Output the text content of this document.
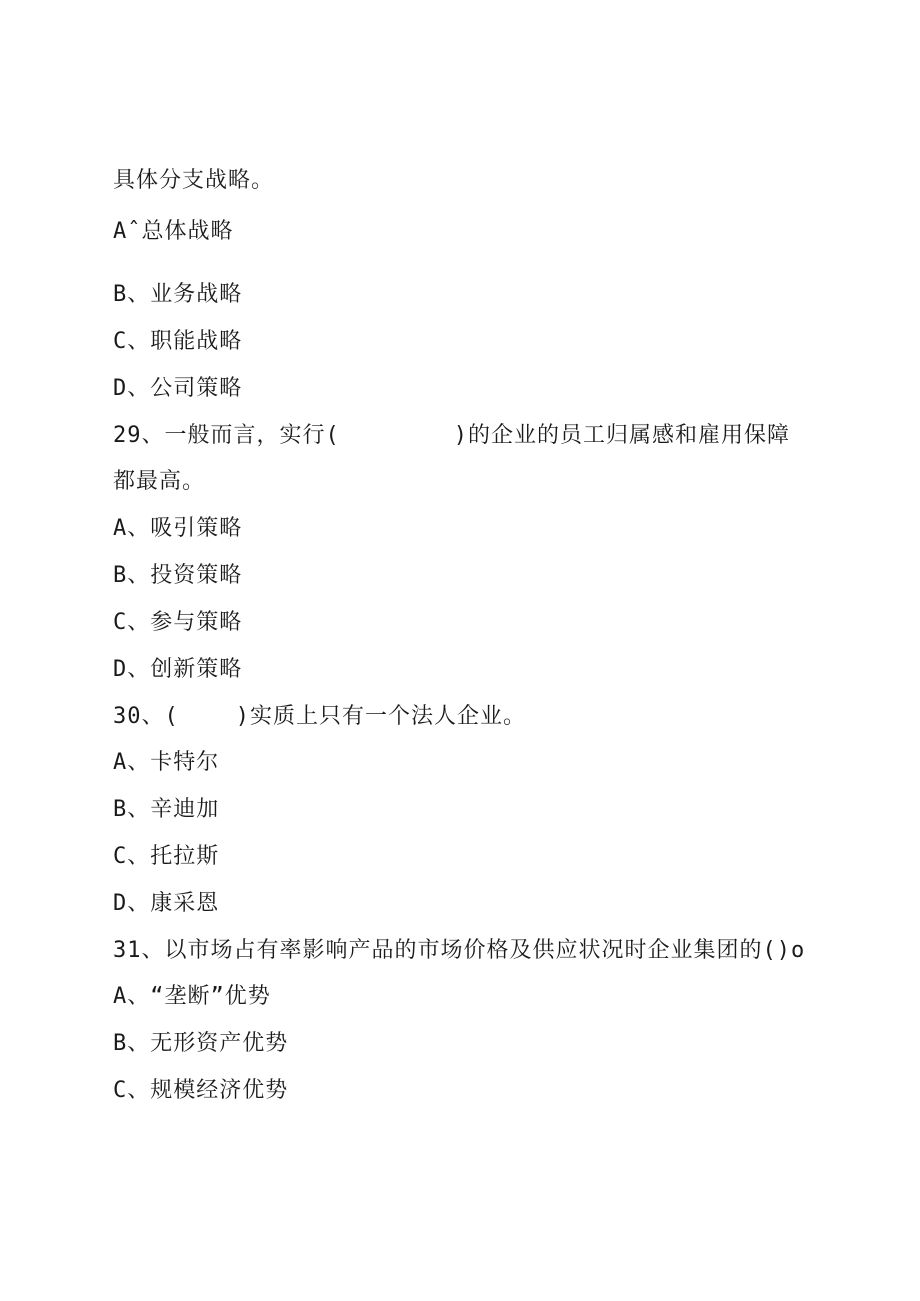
具体分支战略。
Aˆ总体战略
B、业务战略
C、职能战略
D、公司策略
29、一般而言，实行(        )的企业的员工归属感和雇用保障
都最高。
A、吸引策略
B、投资策略
C、参与策略
D、创新策略
30、(    )实质上只有一个法人企业。
A、卡特尔
B、辛迪加
C、托拉斯
D、康采恩
31、以市场占有率影响产品的市场价格及供应状况时企业集团的()o
A、“垄断”优势
B、无形资产优势
C、规模经济优势
